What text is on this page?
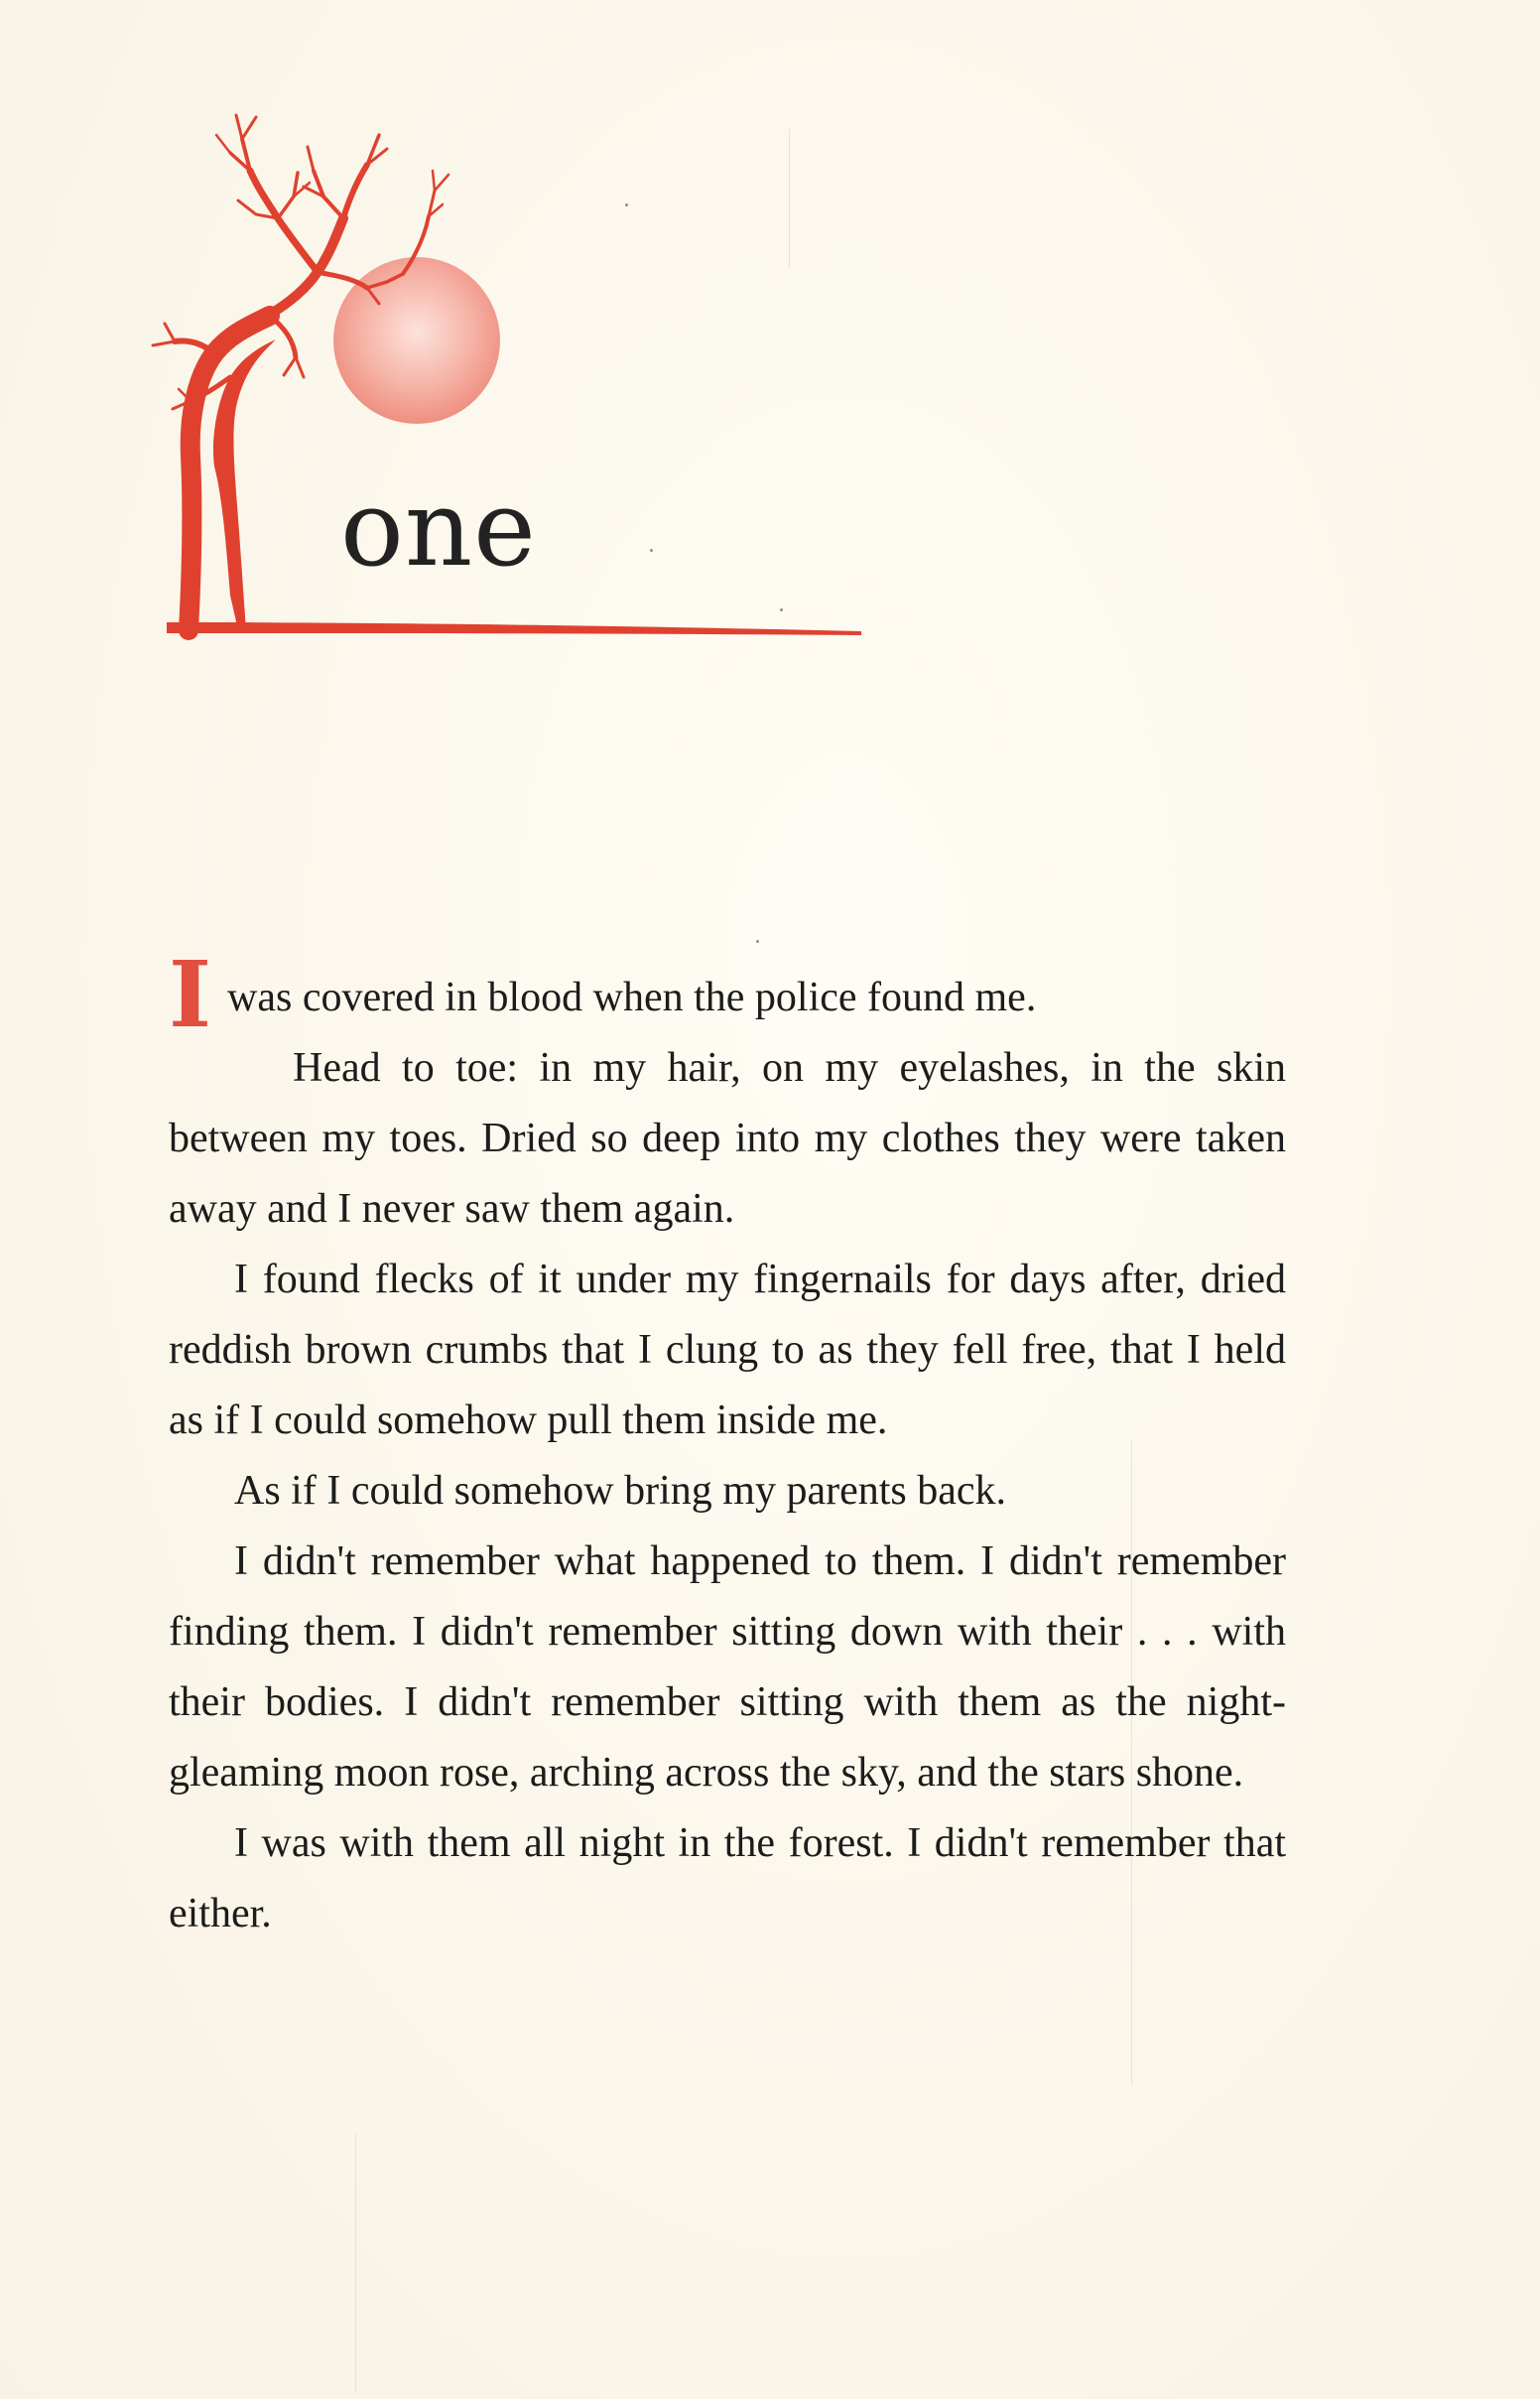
one

Iwas covered in blood when the police found me.

Head to toe: in my hair, on my eyelashes, in the skin between my toes. Dried so deep into my clothes they were taken away and I never saw them again.

I found flecks of it under my fingernails for days after, dried reddish brown crumbs that I clung to as they fell free, that I held as if I could somehow pull them inside me.

As if I could somehow bring my parents back.

I didn't remember what happened to them. I didn't remember finding them. I didn't remember sitting down with their . . . with their bodies. I didn't remember sitting with them as the night-gleaming moon rose, arching across the sky, and the stars shone.

I was with them all night in the forest. I didn't remember that either.
